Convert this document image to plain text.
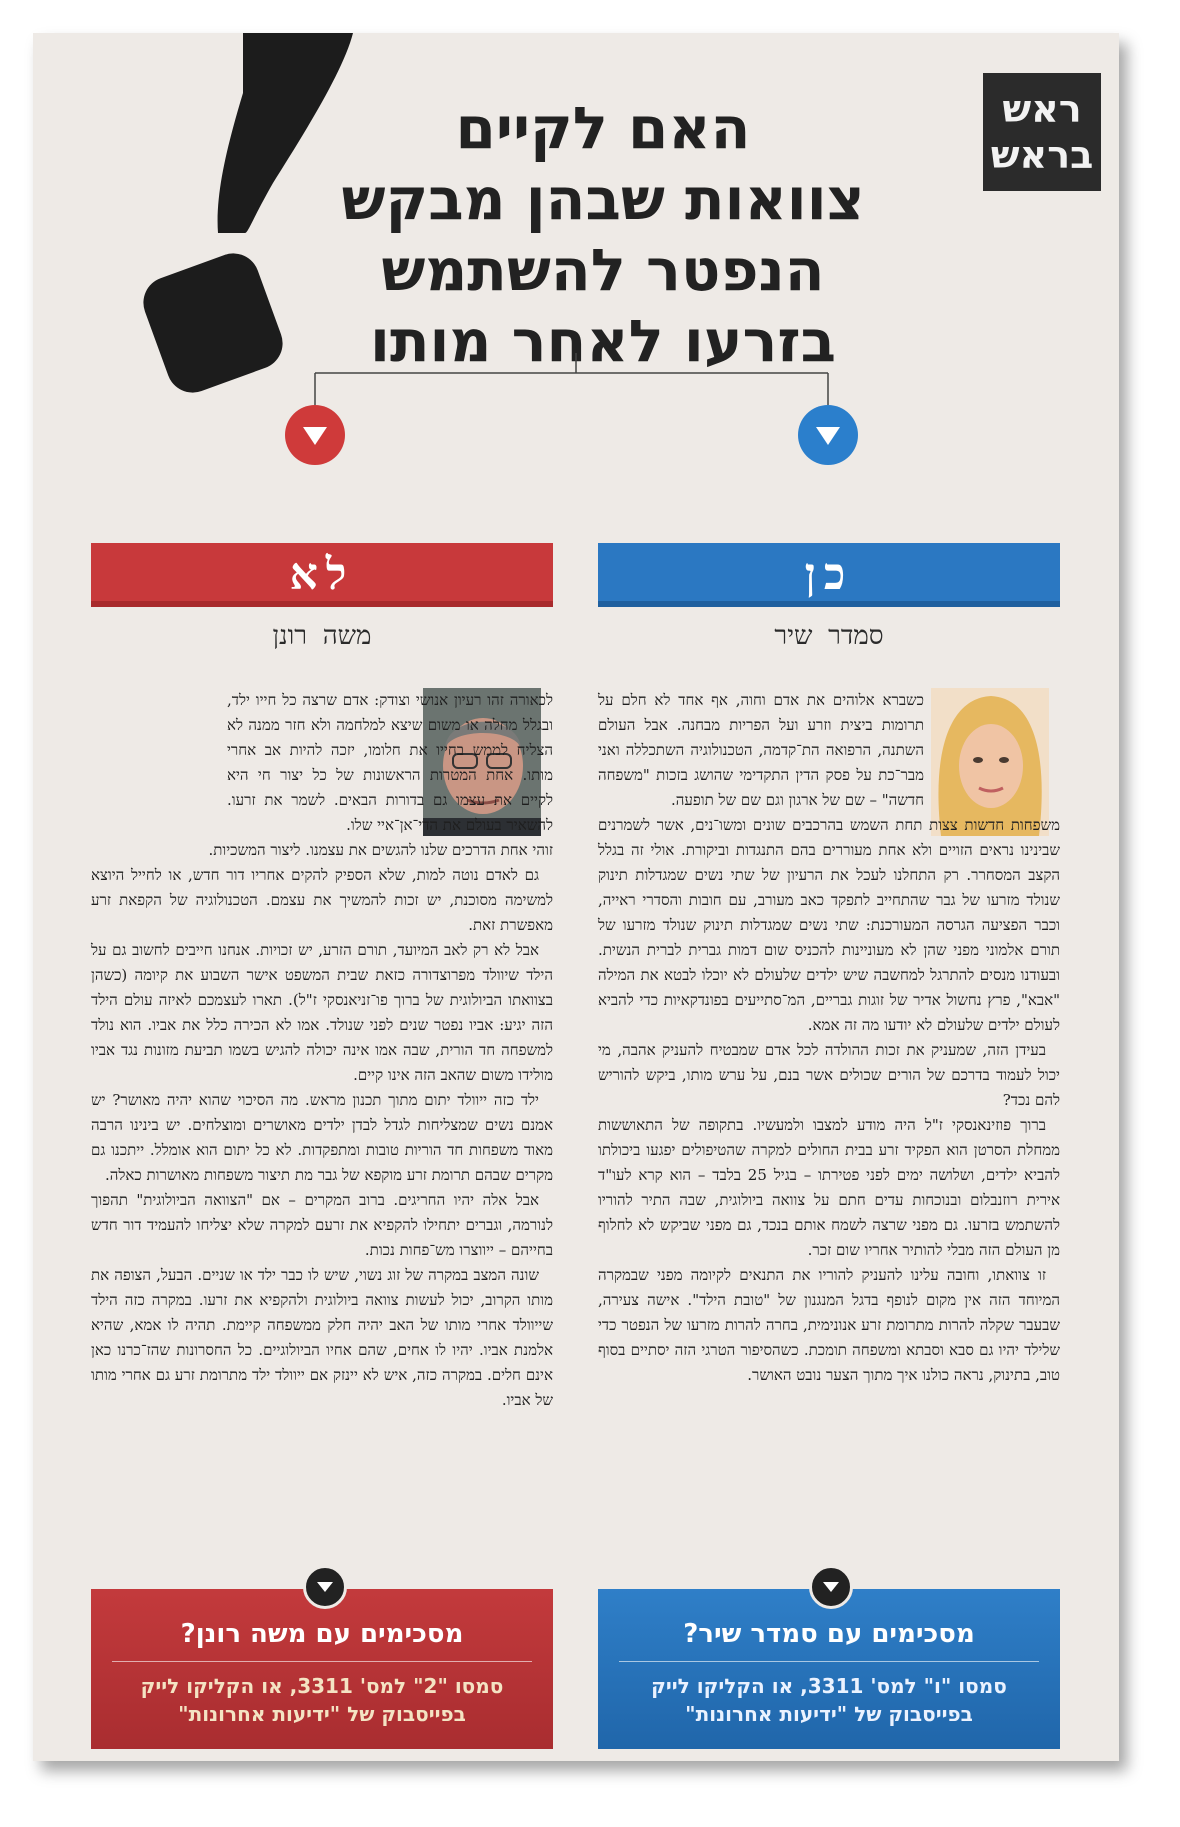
ראש
בראש
האם לקיים
צוואות שבהן מבקש
הנפטר להשתמש
בזרעו לאחר מותו
לא	כן
משה רונן	סמדר שיר

לכאורה זהו רעיון אנושי וצודק: אדם שרצה כל חייו ילד, ובגלל מחלה או משום שיצא למלחמה ולא חזר ממנה לא הצליח לממש בחייו את חלומו, יזכה להיות אב אחרי מותו. אחת המטרות הראשונות של כל יצור חי היא לקיים את עצמו גם בדורות הבאים. לשמר את זרעו. להשאיר בעולם את הדי־אן־איי שלו.

זוהי אחת הדרכים שלנו להגשים את עצמנו. ליצור המשכיות.

גם לאדם נוטה למות, שלא הספיק להקים אחריו דור חדש, או לחייל היוצא למשימה מסוכנת, יש זכות להמשיך את עצמם. הטכנולוגיה של הקפאת זרע מאפשרת זאת.

אבל לא רק לאב המיועד, תורם הזרע, יש זכויות. אנחנו חייבים לחשוב גם על הילד שיוולד מפרוצדורה כזאת שבית המשפט אישר השבוע את קיומה (כשהן בצוואתו הביולוגית של ברוך פו־זניאנסקי ז"ל). תארו לעצמכם לאיזה עולם הילד הזה יגיע: אביו נפטר שנים לפני שנולד. אמו לא הכירה כלל את אביו. הוא נולד למשפחה חד הורית, שבה אמו אינה יכולה להגיש בשמו תביעת מזונות נגד אביו מולידו משום שהאב הזה אינו קיים.

ילד כזה ייוולד יתום מתוך תכנון מראש. מה הסיכוי שהוא יהיה מאושר? יש אמנם נשים שמצליחות לגדל לבדן ילדים מאושרים ומוצלחים. יש בינינו הרבה מאוד משפחות חד הוריות טובות ומתפקדות. לא כל יתום הוא אומלל. ייתכנו גם מקרים שבהם תרומת זרע מוקפא של גבר מת תיצור משפחות מאושרות כאלה.

אבל אלה יהיו החריגים. ברוב המקרים – אם "הצוואה הביולוגית" תהפוך לנורמה, וגברים יתחילו להקפיא את זרעם למקרה שלא יצליחו להעמיד דור חדש בחייהם – ייווצרו מש־פחות נכות.

שונה המצב במקרה של זוג נשוי, שיש לו כבר ילד או שניים. הבעל, הצופה את מותו הקרוב, יכול לעשות צוואה ביולוגית ולהקפיא את זרעו. במקרה כזה הילד שייוולד אחרי מותו של האב יהיה חלק ממשפחה קיימת. תהיה לו אמא, שהיא אלמנת אביו. יהיו לו אחים, שהם אחיו הביולוגיים. כל החסרונות שהז־כרנו כאן אינם חלים. במקרה כזה, איש לא יינזק אם ייוולד ילד מתרומת זרע גם אחרי מותו של אביו.

כשברא אלוהים את אדם וחוה, אף אחד לא חלם על תרומות ביצית וזרע ועל הפריות מבחנה. אבל העולם השתנה, הרפואה הת־קדמה, הטכנולוגיה השתכללה ואני מבר־כת על פסק הדין התקדימי שהושג בזכות "משפחה חדשה" – שם של ארגון וגם שם של תופעה.

משפחות חדשות צצות תחת השמש בהרכבים שונים ומשו־נים, אשר לשמרנים שבינינו נראים הזויים ולא אחת מעוררים בהם התנגדות וביקורת. אולי זה בגלל הקצב המסחרר. רק התחלנו לעכל את הרעיון של שתי נשים שמגדלות תינוק שנולד מזרעו של גבר שהתחייב לתפקד כאב מעורב, עם חובות והסדרי ראייה, וכבר הפציעה הגרסה המעורכנת: שתי נשים שמגדלות תינוק שנולד מזרעו של תורם אלמוני מפני שהן לא מעוניינות להכניס שום דמות גברית לברית הנשית. ובעודנו מנסים להתרגל למחשבה שיש ילדים שלעולם לא יוכלו לבטא את המילה "אבא", פרץ נחשול אדיר של זוגות גבריים, המ־סתייעים בפונדקאיות כדי להביא לעולם ילדים שלעולם לא יודעו מה זה אמא.

בעידן הזה, שמעניק את זכות ההולדה לכל אדם שמבטיח להעניק אהבה, מי יכול לעמוד בדרכם של הורים שכולים אשר בנם, על ערש מותו, ביקש להוריש להם נכד?

ברוך פוזינאנסקי ז"ל היה מודע למצבו ולמעשיו. בתקופה של התאוששות ממחלת הסרטן הוא הפקיד זרע בבית החולים למקרה שהטיפולים יפגעו ביכולתו להביא ילדים, ושלושה ימים לפני פטירתו – בגיל 25 בלבד – הוא קרא לעו"ד אירית רוזנבלום ובנוכחות עדים חתם על צוואה ביולוגית, שבה התיר להוריו להשתמש בזרעו. גם מפני שרצה לשמח אותם בנכד, גם מפני שביקש לא לחלוף מן העולם הזה מבלי להותיר אחריו שום זכר.

זו צוואתו, וחובה עלינו להעניק להוריו את התנאים לקיומה מפני שבמקרה המיוחד הזה אין מקום לנופף בדגל המנגנון של "טובת הילד". אישה צעירה, שבעבר שקלה להרות מתרומת זרע אנונימית, בחרה להרות מזרעו של הנפטר כדי שלילד יהיו גם סבא וסבתא ומשפחה תומכת. כשהסיפור הטרגי הזה יסתיים בסוף טוב, בתינוק, נראה כולנו איך מתוך הצער נובט האושר.

מסכימים עם משה רונן?
סמסו "2" למס' 3311, או הקליקו לייק
בפייסבוק של "ידיעות אחרונות"
מסכימים עם סמדר שיר?
סמסו "ו" למס' 3311, או הקליקו לייק
בפייסבוק של "ידיעות אחרונות"
